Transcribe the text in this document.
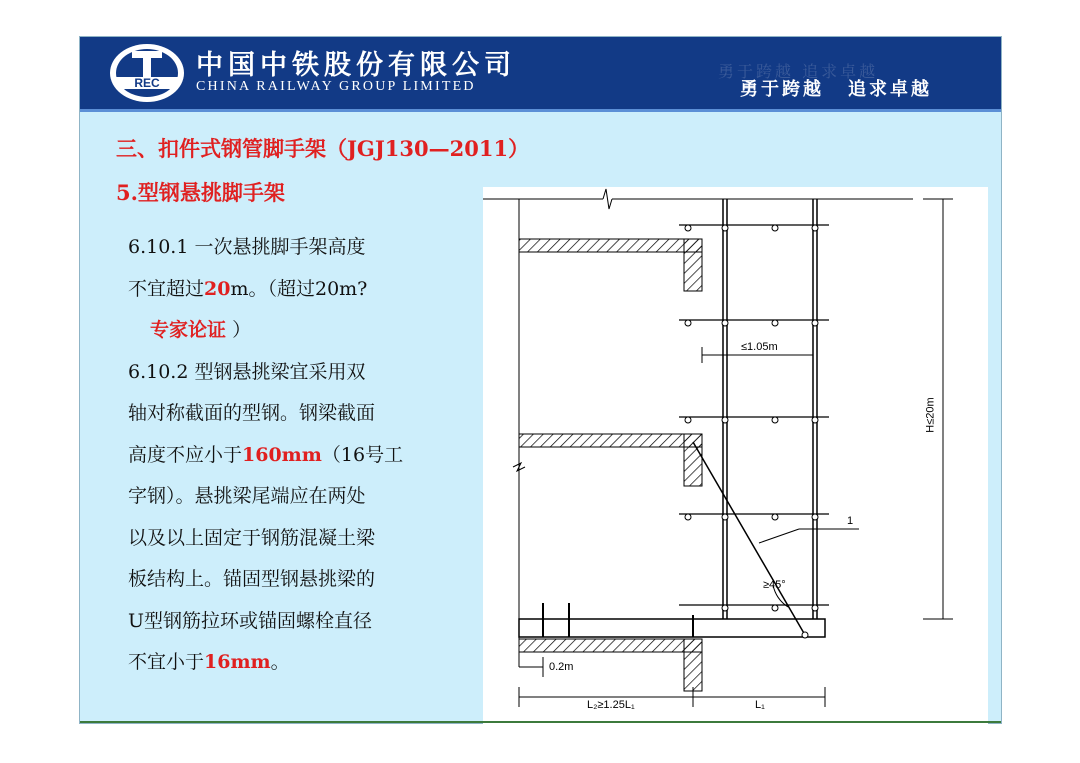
REC
中国中铁股份有限公司
CHINA RAILWAY GROUP LIMITED
勇于跨越 追求卓越
勇于跨越 追求卓越
三、扣件式钢管脚手架（JGJ130—2011）
5.型钢悬挑脚手架
6.10.1 一次悬挑脚手架高度
不宜超过20m。（超过20m?
专家论证 ）
6.10.2 型钢悬挑梁宜采用双
轴对称截面的型钢。钢梁截面
高度不应小于160mm（16号工
字钢）。悬挑梁尾端应在两处
以及以上固定于钢筋混凝土梁
板结构上。锚固型钢悬挑梁的
U型钢筋拉环或锚固螺栓直径
不宜小于16mm。
≤1.05m
H≤20m
≥45°
1
0.2m
L₂≥1.25L₁	L₁
